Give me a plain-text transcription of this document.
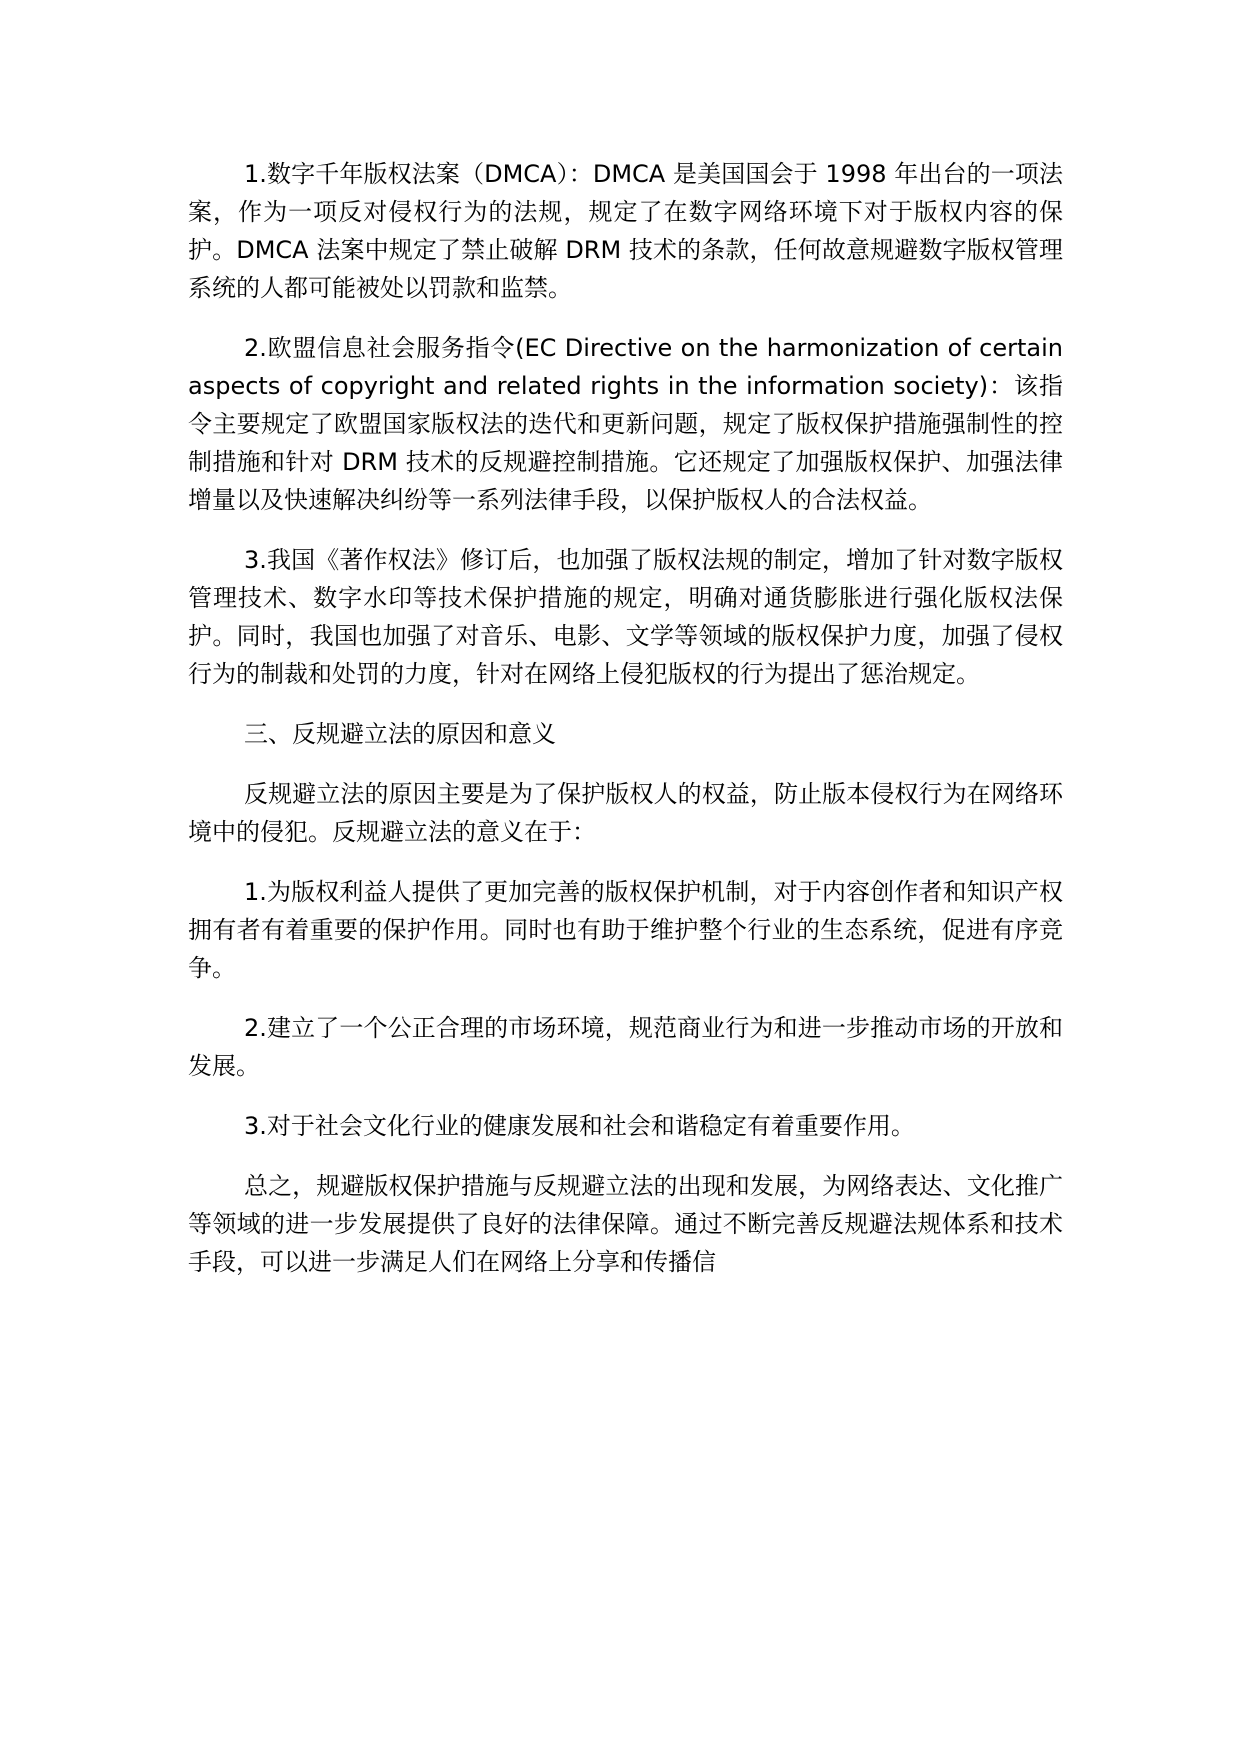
1.数字千年版权法案（DMCA）：DMCA 是美国国会于 1998 年出台的一项法案，作为一项反对侵权行为的法规，规定了在数字网络环境下对于版权内容的保护。DMCA 法案中规定了禁止破解 DRM 技术的条款，任何故意规避数字版权管理系统的人都可能被处以罚款和监禁。

2.欧盟信息社会服务指令(EC Directive on the harmonization of certain aspects of copyright and related rights in the information society)：该指令主要规定了欧盟国家版权法的迭代和更新问题，规定了版权保护措施强制性的控制措施和针对 DRM 技术的反规避控制措施。它还规定了加强版权保护、加强法律增量以及快速解决纠纷等一系列法律手段，以保护版权人的合法权益。

3.我国《著作权法》修订后，也加强了版权法规的制定，增加了针对数字版权管理技术、数字水印等技术保护措施的规定，明确对通货膨胀进行强化版权法保护。同时，我国也加强了对音乐、电影、文学等领域的版权保护力度，加强了侵权行为的制裁和处罚的力度，针对在网络上侵犯版权的行为提出了惩治规定。

三、反规避立法的原因和意义

反规避立法的原因主要是为了保护版权人的权益，防止版本侵权行为在网络环境中的侵犯。反规避立法的意义在于：

1.为版权利益人提供了更加完善的版权保护机制，对于内容创作者和知识产权拥有者有着重要的保护作用。同时也有助于维护整个行业的生态系统，促进有序竞争。

2.建立了一个公正合理的市场环境，规范商业行为和进一步推动市场的开放和发展。

3.对于社会文化行业的健康发展和社会和谐稳定有着重要作用。

总之，规避版权保护措施与反规避立法的出现和发展，为网络表达、文化推广等领域的进一步发展提供了良好的法律保障。通过不断完善反规避法规体系和技术手段，可以进一步满足人们在网络上分享和传播信
